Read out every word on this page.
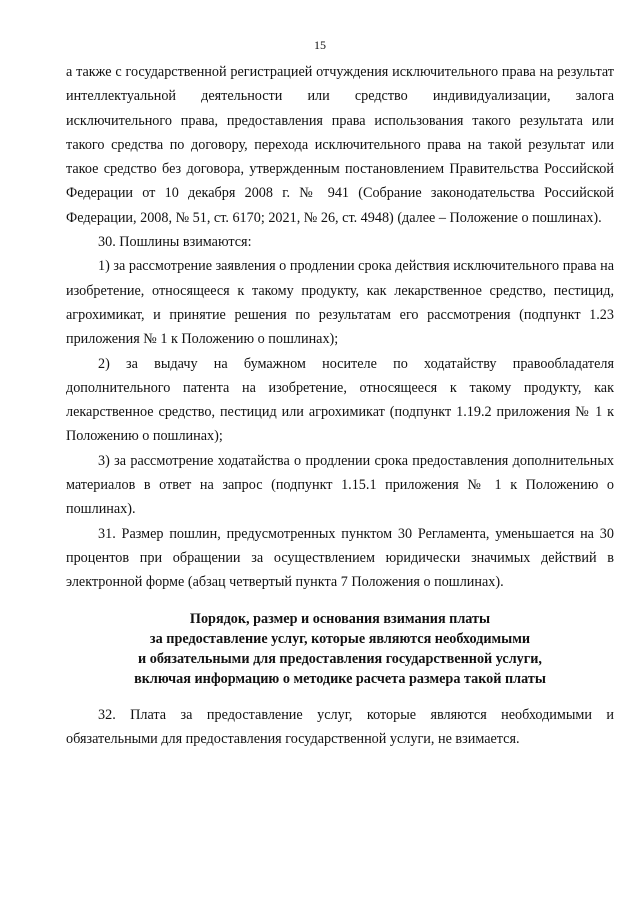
15

а также с государственной регистрацией отчуждения исключительного права на результат интеллектуальной деятельности или средство индивидуализации, залога исключительного права, предоставления права использования такого результата или такого средства по договору, перехода исключительного права на такой результат или такое средство без договора, утвержденным постановлением Правительства Российской Федерации от 10 декабря 2008 г. № 941 (Собрание законодательства Российской Федерации, 2008, № 51, ст. 6170; 2021, № 26, ст. 4948) (далее – Положение о пошлинах).

30. Пошлины взимаются:

1) за рассмотрение заявления о продлении срока действия исключительного права на изобретение, относящееся к такому продукту, как лекарственное средство, пестицид, агрохимикат, и принятие решения по результатам его рассмотрения (подпункт 1.23 приложения № 1 к Положению о пошлинах);

2) за выдачу на бумажном носителе по ходатайству правообладателя дополнительного патента на изобретение, относящееся к такому продукту, как лекарственное средство, пестицид или агрохимикат (подпункт 1.19.2 приложения № 1 к Положению о пошлинах);

3) за рассмотрение ходатайства о продлении срока предоставления дополнительных материалов в ответ на запрос (подпункт 1.15.1 приложения № 1 к Положению о пошлинах).

31. Размер пошлин, предусмотренных пунктом 30 Регламента, уменьшается на 30 процентов при обращении за осуществлением юридически значимых действий в электронной форме (абзац четвертый пункта 7 Положения о пошлинах).

Порядок, размер и основания взимания платы
за предоставление услуг, которые являются необходимыми
и обязательными для предоставления государственной услуги,
включая информацию о методике расчета размера такой платы

32. Плата за предоставление услуг, которые являются необходимыми и обязательными для предоставления государственной услуги, не взимается.
